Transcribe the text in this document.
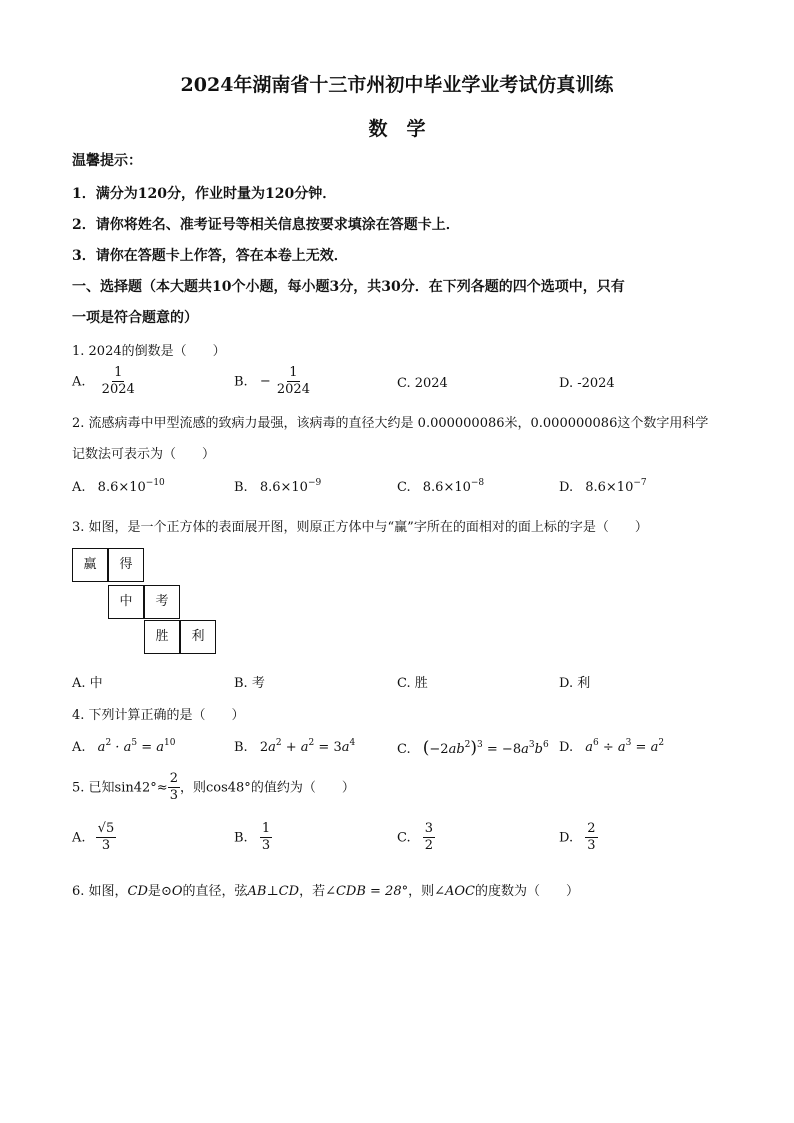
2024年湖南省十三市州初中毕业学业考试仿真训练
数　学
温馨提示：
1．满分为120分，作业时量为120分钟．
2．请你将姓名、准考证号等相关信息按要求填涂在答题卡上．
3．请你在答题卡上作答，答在本卷上无效．
一、选择题（本大题共10个小题，每小题3分，共30分．在下列各题的四个选项中，只有
一项是符合题意的）
1. 2024的倒数是（　　）
A. $\frac{1}{2024}$	B. − $\frac{1}{2024}$	C. 2024	D. -2024
2. 流感病毒中甲型流感的致病力最强，该病毒的直径大约是 0.000000086米，0.000000086这个数字用科学
记数法可表示为（　　）
A. $8.6\times 10^{-10}$	B. $8.6\times 10^{-9}$	C. $8.6\times 10^{-8}$	D. $8.6\times 10^{-7}$
3. 如图，是一个正方体的表面展开图，则原正方体中与“赢”字所在的面相对的面上标的字是（　　）
赢	得
中	考
胜	利
A. 中	B. 考	C. 胜	D. 利
4. 下列计算正确的是（　　）
A. $a^2 \cdot a^5 = a^{10}$	B. $2a^2 + a^2 = 3a^4$	C. $(-2ab^2)^3 = -8a^3b^6$ D. $a^6 \div a^3 = a^2$
5. 已知$\sin 42^\circ\approx \frac{2}{3}$ ，则cos48°的值约为（　　）
A. $\frac{√5}{3}$	B. $\frac{1}{3}$	C. $\frac{3}{2}$	D. $\frac{2}{3}$
6. 如图，CD是⊙O的直径，弦AB⊥CD，若∠CDB = 28°，则∠AOC的度数为（　　）
